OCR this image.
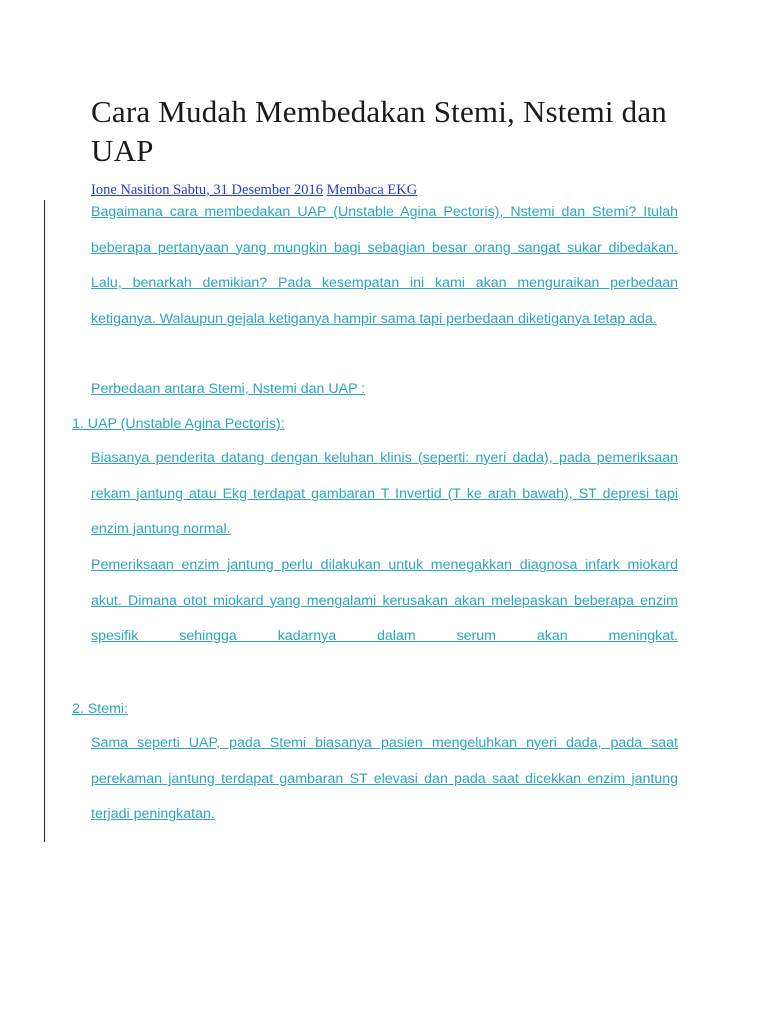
Cara Mudah Membedakan Stemi, Nstemi dan UAP
Ione Nasition Sabtu, 31 Desember 2016 Membaca EKG

Bagaimana cara membedakan UAP (Unstable Agina Pectoris), Nstemi dan Stemi? Itulah beberapa pertanyaan yang mungkin bagi sebagian besar orang sangat sukar dibedakan. Lalu, benarkah demikian? Pada kesempatan ini kami akan menguraikan perbedaan ketiganya. Walaupun gejala ketiganya hampir sama tapi perbedaan diketiganya tetap ada.

Perbedaan antara Stemi, Nstemi dan UAP :

1. UAP (Unstable Agina Pectoris):

Biasanya penderita datang dengan keluhan klinis (seperti: nyeri dada), pada pemeriksaan rekam jantung atau Ekg terdapat gambaran T Invertid (T ke arah bawah), ST depresi tapi enzim jantung normal.

Pemeriksaan enzim jantung perlu dilakukan untuk menegakkan diagnosa infark miokard akut. Dimana otot miokard yang mengalami kerusakan akan melepaskan beberapa enzim spesifik sehingga kadarnya dalam serum akan meningkat.

2. Stemi:

Sama seperti UAP, pada Stemi biasanya pasien mengeluhkan nyeri dada, pada saat perekaman jantung terdapat gambaran ST elevasi dan pada saat dicekkan enzim jantung terjadi peningkatan.
